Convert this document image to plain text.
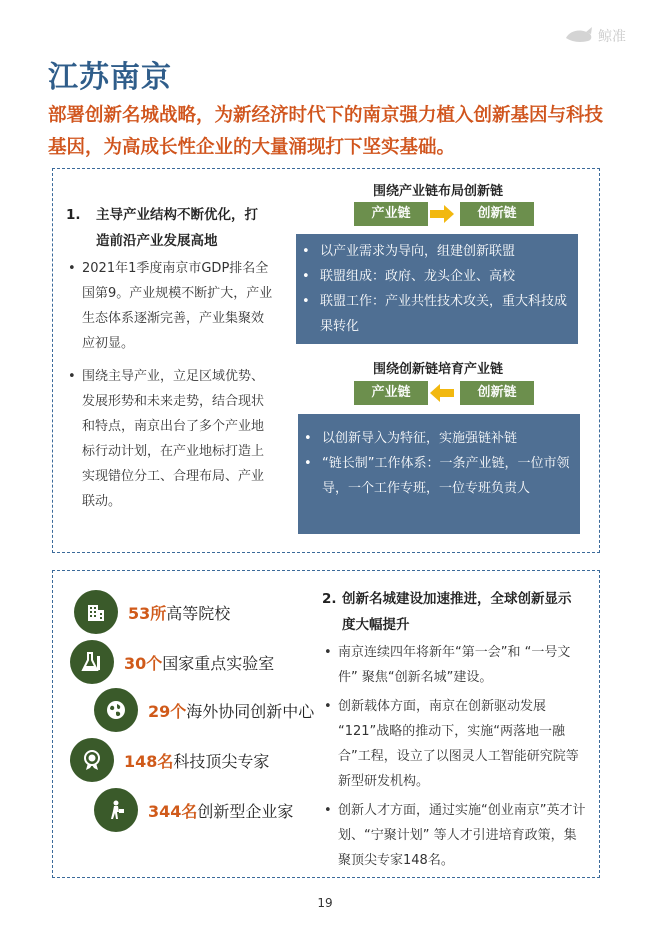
鲸准
江苏南京

部署创新名城战略，为新经济时代下的南京强力植入创新基因与科技基因，为高成长性企业的大量涌现打下坚实基础。

1. 主导产业结构不断优化，打造前沿产业发展高地

• 2021年1季度南京市GDP排名全国第9。产业规模不断扩大，产业生态体系逐渐完善，产业集聚效应初显。
• 围绕主导产业，立足区域优势、发展形势和未来走势，结合现状和特点，南京出台了多个产业地标行动计划，在产业地标打造上实现错位分工、合理布局、产业联动。
围绕产业链布局创新链
产业链	创新链
• 以产业需求为导向，组建创新联盟
• 联盟组成：政府、龙头企业、高校
• 联盟工作：产业共性技术攻关，重大科技成果转化
围绕创新链培育产业链
产业链	创新链
• 以创新导入为特征，实施强链补链
• “链长制”工作体系：一条产业链，一位市领导，一个工作专班，一位专班负责人
53所高等院校
30个国家重点实验室
29个海外协同创新中心
148名科技顶尖专家
344名创新型企业家

2. 创新名城建设加速推进，全球创新显示度大幅提升

• 南京连续四年将新年“第一会”和 “一号文件” 聚焦“创新名城”建设。
• 创新载体方面，南京在创新驱动发展 “121”战略的推动下，实施“两落地一融合”工程，设立了以图灵人工智能研究院等新型研发机构。
• 创新人才方面，通过实施“创业南京”英才计划、“宁聚计划” 等人才引进培育政策，集聚顶尖专家148名。
19
